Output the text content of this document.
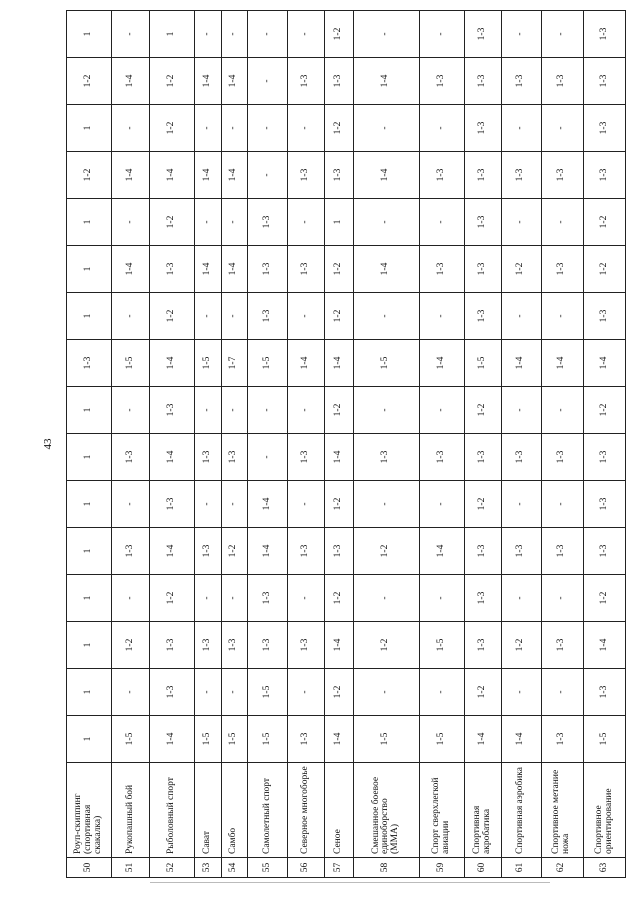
43
50	Роуп-скиппинг (спортивная скакалка)	1	1	1	1	1	1	1	1	1-3	1	1	1	1-2	1	1-2	1
51	Рукопашный бой	1-5	-	1-2	-	1-3	-	1-3	-	1-5	-	1-4	-	1-4	-	1-4	-
52	Рыболовный спорт	1-4	1-3	1-3	1-2	1-4	1-3	1-4	1-3	1-4	1-2	1-3	1-2	1-4	1-2	1-2	1
53	Сават	1-5	-	1-3	-	1-3	-	1-3	-	1-5	-	1-4	-	1-4	-	1-4	-
54	Самбо	1-5	-	1-3	-	1-2	-	1-3	-	1-7	-	1-4	-	1-4	-	1-4	-
55	Самолетный спорт	1-5	1-5	1-3	1-3	1-4	1-4	-	-	1-5	1-3	1-3	1-3	-	-	-	-
56	Северное многоборье	1-3	-	1-3	-	1-3	-	1-3	-	1-4	-	1-3	-	1-3	-	1-3	-
57	Сеное	1-4	1-2	1-4	1-2	1-3	1-2	1-4	1-2	1-4	1-2	1-2	1	1-3	1-2	1-3	1-2
58	Смешанное боевое единоборство (ММА)	1-5	-	1-2	-	1-2	-	1-3	-	1-5	-	1-4	-	1-4	-	1-4	-
59	Спорт сверхлегкой авиации	1-5	-	1-5	-	1-4	-	1-3	-	1-4	-	1-3	-	1-3	-	1-3	-
60	Спортивная акробатика	1-4	1-2	1-3	1-3	1-3	1-2	1-3	1-2	1-5	1-3	1-3	1-3	1-3	1-3	1-3	1-3
61	Спортивная аэробика	1-4	-	1-2	-	1-3	-	1-3	-	1-4	-	1-2	-	1-3	-	1-3	-
62	Спортивное метание ножа	1-3	-	1-3	-	1-3	-	1-3	-	1-4	-	1-3	-	1-3	-	1-3	-
63	Спортивное ориентирование	1-5	1-3	1-4	1-2	1-3	1-3	1-3	1-2	1-4	1-3	1-2	1-2	1-3	1-3	1-3	1-3
